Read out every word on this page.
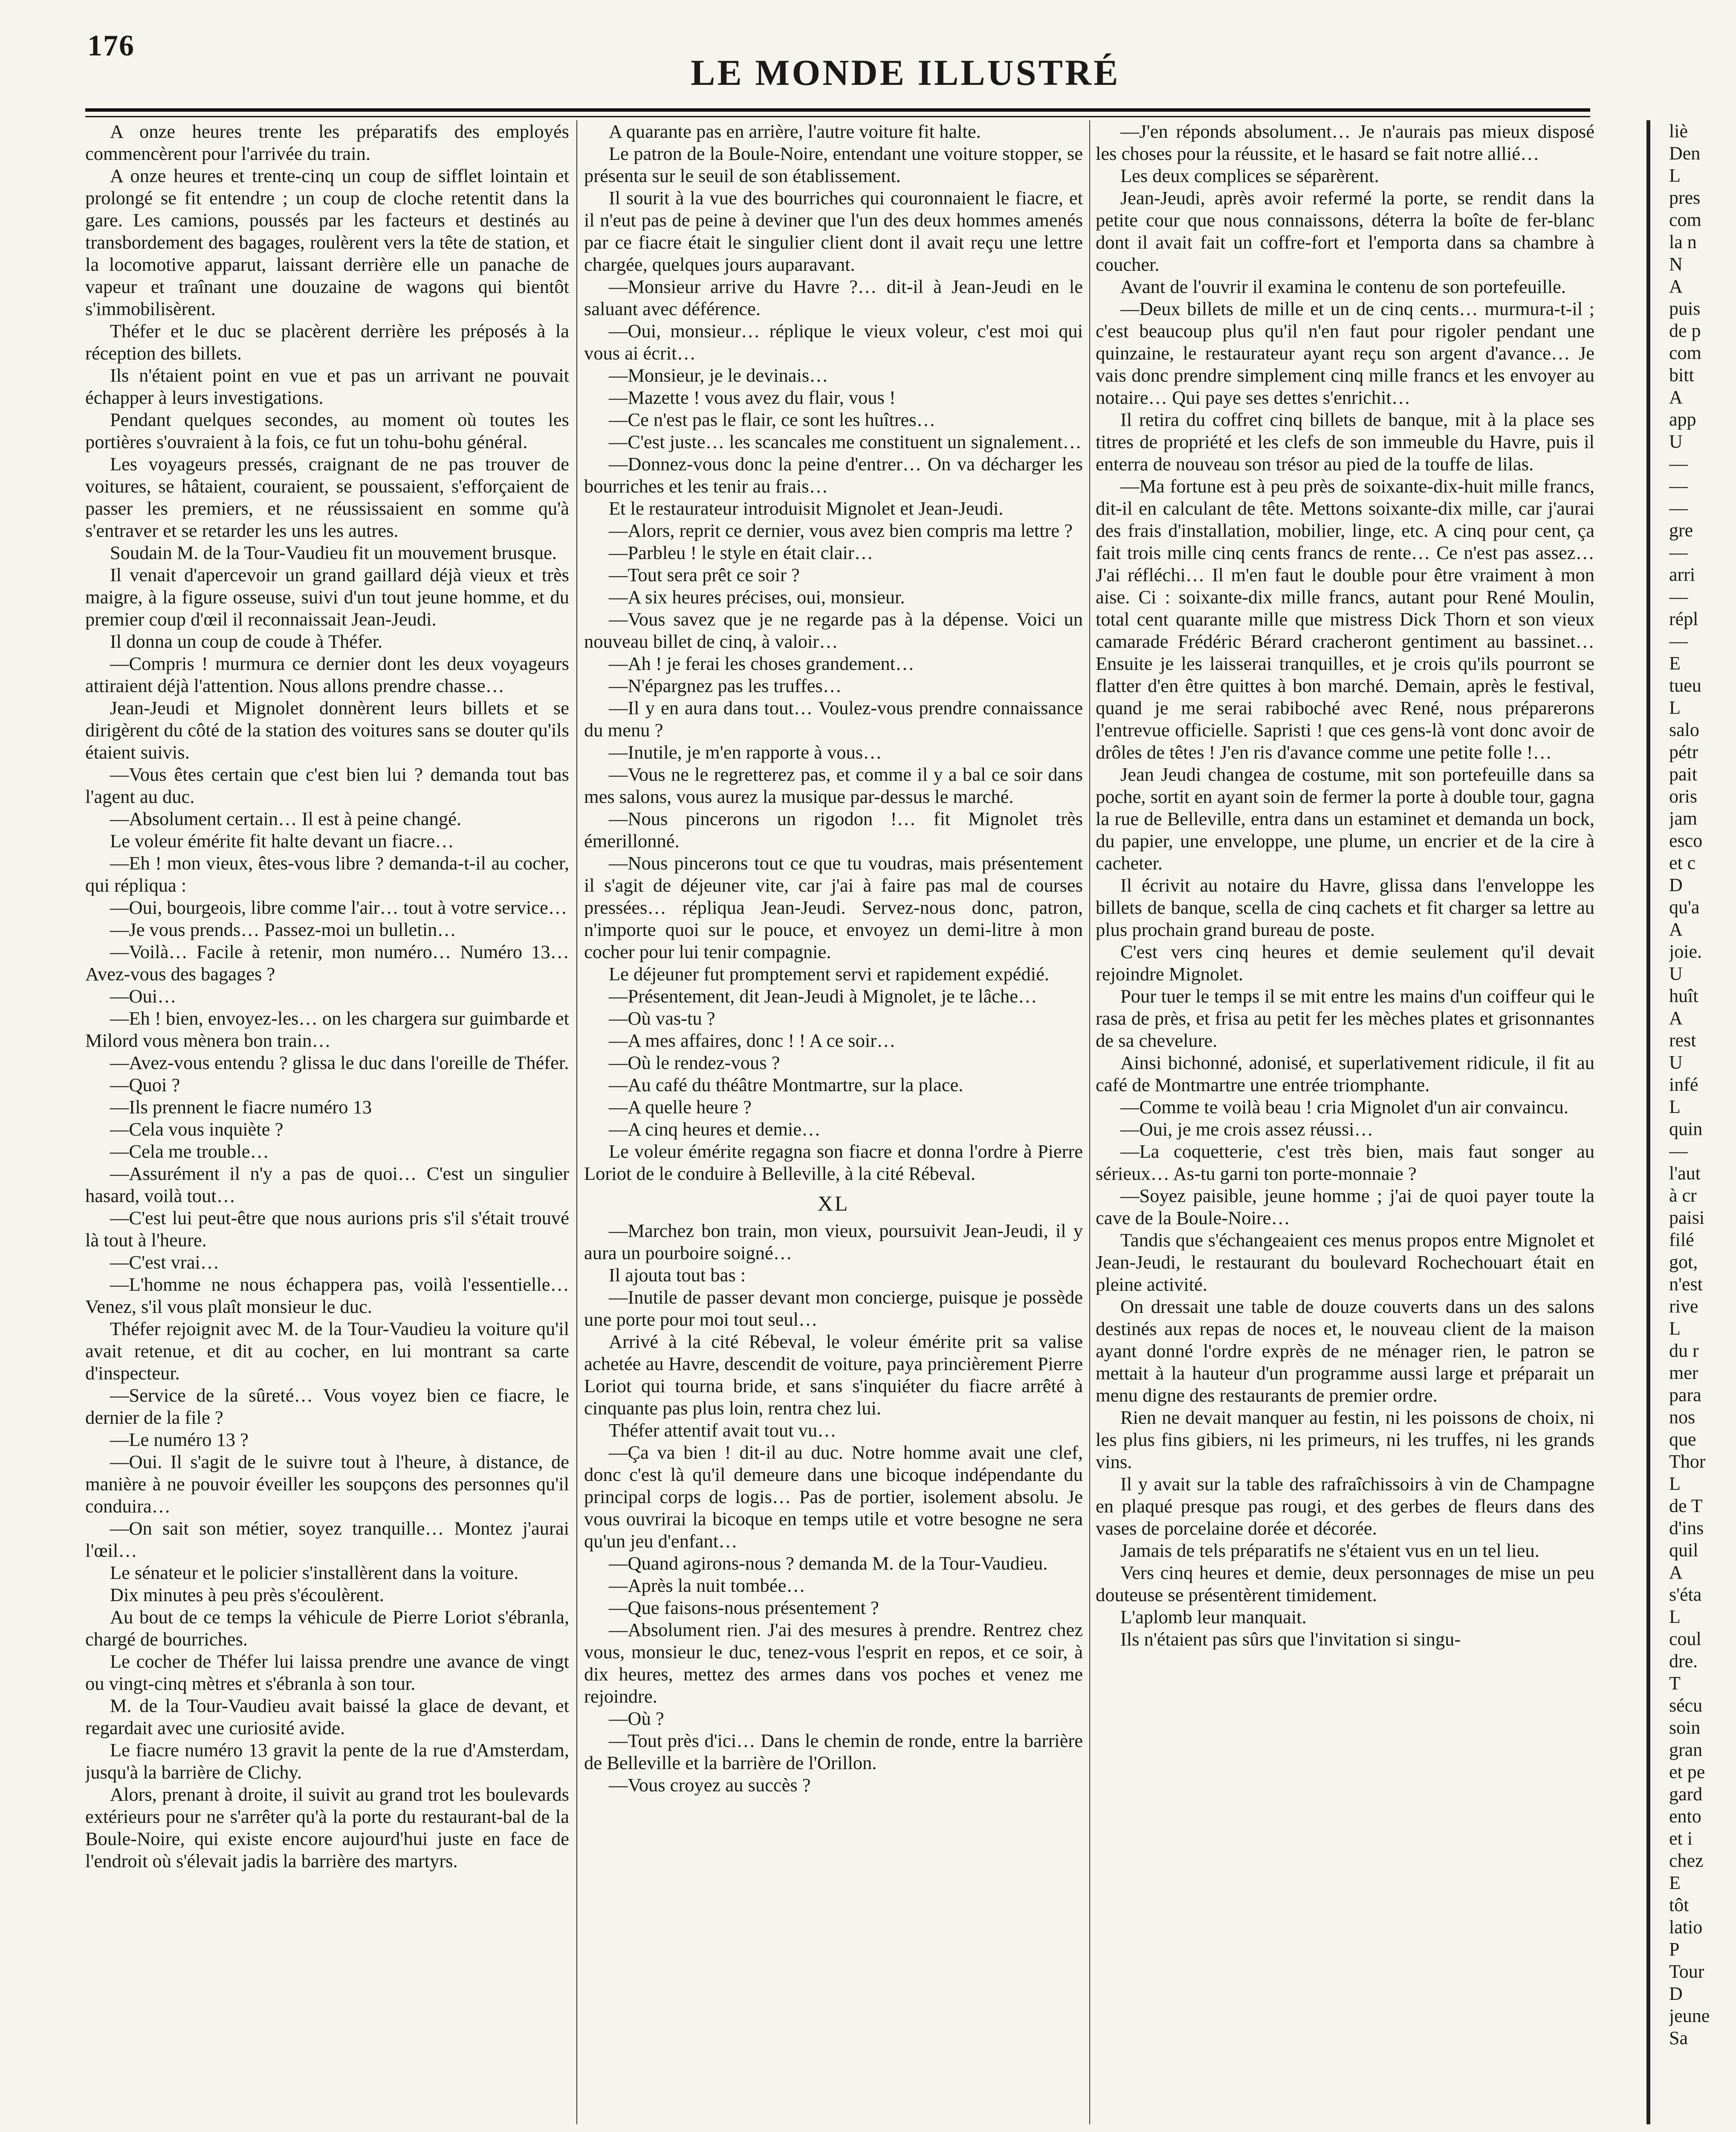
176
LE MONDE ILLUSTRÉ

A onze heures trente les préparatifs des employés commencèrent pour l'arrivée du train.

A onze heures et trente-cinq un coup de sifflet lointain et prolongé se fit entendre ; un coup de cloche retentit dans la gare. Les camions, poussés par les facteurs et destinés au transbordement des bagages, roulèrent vers la tête de station, et la locomotive apparut, laissant derrière elle un panache de vapeur et traînant une douzaine de wagons qui bientôt s'immobilisèrent.

Théfer et le duc se placèrent derrière les préposés à la réception des billets.

Ils n'étaient point en vue et pas un arrivant ne pouvait échapper à leurs investigations.

Pendant quelques secondes, au moment où toutes les portières s'ouvraient à la fois, ce fut un tohu-bohu général.

Les voyageurs pressés, craignant de ne pas trouver de voitures, se hâtaient, couraient, se poussaient, s'efforçaient de passer les premiers, et ne réussissaient en somme qu'à s'entraver et se retarder les uns les autres.

Soudain M. de la Tour-Vaudieu fit un mouvement brusque.

Il venait d'apercevoir un grand gaillard déjà vieux et très maigre, à la figure osseuse, suivi d'un tout jeune homme, et du premier coup d'œil il reconnaissait Jean-Jeudi.

Il donna un coup de coude à Théfer.

—Compris ! murmura ce dernier dont les deux voyageurs attiraient déjà l'attention. Nous allons prendre chasse…

Jean-Jeudi et Mignolet donnèrent leurs billets et se dirigèrent du côté de la station des voitures sans se douter qu'ils étaient suivis.

—Vous êtes certain que c'est bien lui ? demanda tout bas l'agent au duc.

—Absolument certain… Il est à peine changé.

Le voleur émérite fit halte devant un fiacre…

—Eh ! mon vieux, êtes-vous libre ? demanda-t-il au cocher, qui répliqua :

—Oui, bourgeois, libre comme l'air… tout à votre service…

—Je vous prends… Passez-moi un bulletin…

—Voilà… Facile à retenir, mon numéro… Numéro 13… Avez-vous des bagages ?

—Oui…

—Eh ! bien, envoyez-les… on les chargera sur guimbarde et Milord vous mènera bon train…

—Avez-vous entendu ? glissa le duc dans l'oreille de Théfer.

—Quoi ?

—Ils prennent le fiacre numéro 13

—Cela vous inquiète ?

—Cela me trouble…

—Assurément il n'y a pas de quoi… C'est un singulier hasard, voilà tout…

—C'est lui peut-être que nous aurions pris s'il s'était trouvé là tout à l'heure.

—C'est vrai…

—L'homme ne nous échappera pas, voilà l'essentielle… Venez, s'il vous plaît monsieur le duc.

Théfer rejoignit avec M. de la Tour-Vaudieu la voiture qu'il avait retenue, et dit au cocher, en lui montrant sa carte d'inspecteur.

—Service de la sûreté… Vous voyez bien ce fiacre, le dernier de la file ?

—Le numéro 13 ?

—Oui. Il s'agit de le suivre tout à l'heure, à distance, de manière à ne pouvoir éveiller les soupçons des personnes qu'il conduira…

—On sait son métier, soyez tranquille… Montez j'aurai l'œil…

Le sénateur et le policier s'installèrent dans la voiture.

Dix minutes à peu près s'écoulèrent.

Au bout de ce temps la véhicule de Pierre Loriot s'ébranla, chargé de bourriches.

Le cocher de Théfer lui laissa prendre une avance de vingt ou vingt-cinq mètres et s'ébranla à son tour.

M. de la Tour-Vaudieu avait baissé la glace de devant, et regardait avec une curiosité avide.

Le fiacre numéro 13 gravit la pente de la rue d'Amsterdam, jusqu'à la barrière de Clichy.

Alors, prenant à droite, il suivit au grand trot les boulevards extérieurs pour ne s'arrêter qu'à la porte du restaurant-bal de la Boule-Noire, qui existe encore aujourd'hui juste en face de l'endroit où s'élevait jadis la barrière des martyrs.

A quarante pas en arrière, l'autre voiture fit halte.

Le patron de la Boule-Noire, entendant une voiture stopper, se présenta sur le seuil de son établissement.

Il sourit à la vue des bourriches qui couronnaient le fiacre, et il n'eut pas de peine à deviner que l'un des deux hommes amenés par ce fiacre était le singulier client dont il avait reçu une lettre chargée, quelques jours auparavant.

—Monsieur arrive du Havre ?… dit-il à Jean-Jeudi en le saluant avec déférence.

—Oui, monsieur… réplique le vieux voleur, c'est moi qui vous ai écrit…

—Monsieur, je le devinais…

—Mazette ! vous avez du flair, vous !

—Ce n'est pas le flair, ce sont les huîtres…

—C'est juste… les scancales me constituent un signalement…

—Donnez-vous donc la peine d'entrer… On va décharger les bourriches et les tenir au frais…

Et le restaurateur introduisit Mignolet et Jean-Jeudi.

—Alors, reprit ce dernier, vous avez bien compris ma lettre ?

—Parbleu ! le style en était clair…

—Tout sera prêt ce soir ?

—A six heures précises, oui, monsieur.

—Vous savez que je ne regarde pas à la dépense. Voici un nouveau billet de cinq, à valoir…

—Ah ! je ferai les choses grandement…

—N'épargnez pas les truffes…

—Il y en aura dans tout… Voulez-vous prendre connaissance du menu ?

—Inutile, je m'en rapporte à vous…

—Vous ne le regretterez pas, et comme il y a bal ce soir dans mes salons, vous aurez la musique par-dessus le marché.

—Nous pincerons un rigodon !… fit Mignolet très émerillonné.

—Nous pincerons tout ce que tu voudras, mais présentement il s'agit de déjeuner vite, car j'ai à faire pas mal de courses pressées… répliqua Jean-Jeudi. Servez-nous donc, patron, n'importe quoi sur le pouce, et envoyez un demi-litre à mon cocher pour lui tenir compagnie.

Le déjeuner fut promptement servi et rapidement expédié.

—Présentement, dit Jean-Jeudi à Mignolet, je te lâche…

—Où vas-tu ?

—A mes affaires, donc ! ! A ce soir…

—Où le rendez-vous ?

—Au café du théâtre Montmartre, sur la place.

—A quelle heure ?

—A cinq heures et demie…

Le voleur émérite regagna son fiacre et donna l'ordre à Pierre Loriot de le conduire à Belleville, à la cité Rébeval.

XL

—Marchez bon train, mon vieux, poursuivit Jean-Jeudi, il y aura un pourboire soigné…

Il ajouta tout bas :

—Inutile de passer devant mon concierge, puisque je possède une porte pour moi tout seul…

Arrivé à la cité Rébeval, le voleur émérite prit sa valise achetée au Havre, descendit de voiture, paya princièrement Pierre Loriot qui tourna bride, et sans s'inquiéter du fiacre arrêté à cinquante pas plus loin, rentra chez lui.

Théfer attentif avait tout vu…

—Ça va bien ! dit-il au duc. Notre homme avait une clef, donc c'est là qu'il demeure dans une bicoque indépendante du principal corps de logis… Pas de portier, isolement absolu. Je vous ouvrirai la bicoque en temps utile et votre besogne ne sera qu'un jeu d'enfant…

—Quand agirons-nous ? demanda M. de la Tour-Vaudieu.

—Après la nuit tombée…

—Que faisons-nous présentement ?

—Absolument rien. J'ai des mesures à prendre. Rentrez chez vous, monsieur le duc, tenez-vous l'esprit en repos, et ce soir, à dix heures, mettez des armes dans vos poches et venez me rejoindre.

—Où ?

—Tout près d'ici… Dans le chemin de ronde, entre la barrière de Belleville et la barrière de l'Orillon.

—Vous croyez au succès ?

—J'en réponds absolument… Je n'aurais pas mieux disposé les choses pour la réussite, et le hasard se fait notre allié…

Les deux complices se séparèrent.

Jean-Jeudi, après avoir refermé la porte, se rendit dans la petite cour que nous connaissons, déterra la boîte de fer-blanc dont il avait fait un coffre-fort et l'emporta dans sa chambre à coucher.

Avant de l'ouvrir il examina le contenu de son portefeuille.

—Deux billets de mille et un de cinq cents… murmura-t-il ; c'est beaucoup plus qu'il n'en faut pour rigoler pendant une quinzaine, le restaurateur ayant reçu son argent d'avance… Je vais donc prendre simplement cinq mille francs et les envoyer au notaire… Qui paye ses dettes s'enrichit…

Il retira du coffret cinq billets de banque, mit à la place ses titres de propriété et les clefs de son immeuble du Havre, puis il enterra de nouveau son trésor au pied de la touffe de lilas.

—Ma fortune est à peu près de soixante-dix-huit mille francs, dit-il en calculant de tête. Mettons soixante-dix mille, car j'aurai des frais d'installation, mobilier, linge, etc. A cinq pour cent, ça fait trois mille cinq cents francs de rente… Ce n'est pas assez… J'ai réfléchi… Il m'en faut le double pour être vraiment à mon aise. Ci : soixante-dix mille francs, autant pour René Moulin, total cent quarante mille que mistress Dick Thorn et son vieux camarade Frédéric Bérard cracheront gentiment au bassinet… Ensuite je les laisserai tranquilles, et je crois qu'ils pourront se flatter d'en être quittes à bon marché. Demain, après le festival, quand je me serai rabiboché avec René, nous préparerons l'entrevue officielle. Sapristi ! que ces gens-là vont donc avoir de drôles de têtes ! J'en ris d'avance comme une petite folle !…

Jean Jeudi changea de costume, mit son portefeuille dans sa poche, sortit en ayant soin de fermer la porte à double tour, gagna la rue de Belleville, entra dans un estaminet et demanda un bock, du papier, une enveloppe, une plume, un encrier et de la cire à cacheter.

Il écrivit au notaire du Havre, glissa dans l'enveloppe les billets de banque, scella de cinq cachets et fit charger sa lettre au plus prochain grand bureau de poste.

C'est vers cinq heures et demie seulement qu'il devait rejoindre Mignolet.

Pour tuer le temps il se mit entre les mains d'un coiffeur qui le rasa de près, et frisa au petit fer les mèches plates et grisonnantes de sa chevelure.

Ainsi bichonné, adonisé, et superlativement ridicule, il fit au café de Montmartre une entrée triomphante.

—Comme te voilà beau ! cria Mignolet d'un air convaincu.

—Oui, je me crois assez réussi…

—La coquetterie, c'est très bien, mais faut songer au sérieux… As-tu garni ton porte-monnaie ?

—Soyez paisible, jeune homme ; j'ai de quoi payer toute la cave de la Boule-Noire…

Tandis que s'échangeaient ces menus propos entre Mignolet et Jean-Jeudi, le restaurant du boulevard Rochechouart était en pleine activité.

On dressait une table de douze couverts dans un des salons destinés aux repas de noces et, le nouveau client de la maison ayant donné l'ordre exprès de ne ménager rien, le patron se mettait à la hauteur d'un programme aussi large et préparait un menu digne des restaurants de premier ordre.

Rien ne devait manquer au festin, ni les poissons de choix, ni les plus fins gibiers, ni les primeurs, ni les truffes, ni les grands vins.

Il y avait sur la table des rafraîchissoirs à vin de Champagne en plaqué presque pas rougi, et des gerbes de fleurs dans des vases de porcelaine dorée et décorée.

Jamais de tels préparatifs ne s'étaient vus en un tel lieu.

Vers cinq heures et demie, deux personnages de mise un peu douteuse se présentèrent timidement.

L'aplomb leur manquait.

Ils n'étaient pas sûrs que l'invitation si singu-

liè

Den

L

pres

com

la n

N

A

puis

de p

com

bitt

A

app

U

—

—

—

gre

—

arri

—

répl

—

E

tueu

L

salo

pétr

pait

oris

jam

esco

et c

D

qu'a

A

joie.

U

huît

A

rest

U

infé

L

quin

—

l'aut

à cr

paisi

filé

got,

n'est

rive

L

du r

mer

para

nos

que

Thor

L

de T

d'ins

quil

A

s'éta

L

coul

dre.

T

sécu

soin

gran

et pe

gard

ento

et i

chez

E

tôt

latio

P

Tour

D

jeune

Sa
